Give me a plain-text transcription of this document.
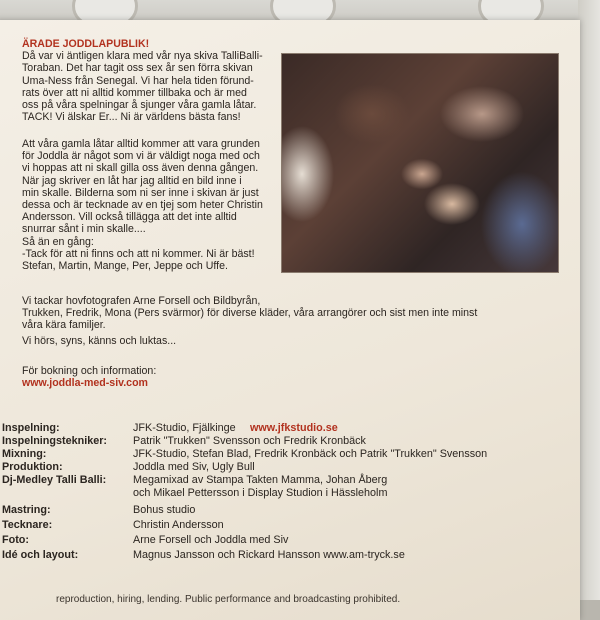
ÄRADE JODDLAPUBLIK!

Då var vi äntligen klara med vår nya skiva TalliBalli-
Toraban. Det har tagit oss sex år sen förra skivan
Uma-Ness från Senegal. Vi har hela tiden förund-
rats över att ni alltid kommer tillbaka och är med
oss på våra spelningar å sjunger våra gamla låtar.
TACK! Vi älskar Er... Ni är världens bästa fans!

Att våra gamla låtar alltid kommer att vara grunden
för Joddla är något som vi är väldigt noga med och
vi hoppas att ni skall gilla oss även denna gången.
När jag skriver en låt har jag alltid en bild inne i
min skalle. Bilderna som ni ser inne i skivan är just
dessa och är tecknade av en tjej som heter Christin
Andersson. Vill också tillägga att det inte alltid
snurrar sånt i min skalle....
Så än en gång:
-Tack för att ni finns och att ni kommer. Ni är bäst!
Stefan, Martin, Mange, Per, Jeppe och Uffe.

Vi tackar hovfotografen Arne Forsell och Bildbyrån,
Trukken, Fredrik, Mona (Pers svärmor) för diverse kläder, våra arrangörer och sist men inte minst våra kära familjer.

Vi hörs, syns, känns och luktas...

För bokning och information:

www.joddla-med-siv.com

Inspelning:	JFK-Studio, Fjälkinge www.jfkstudio.se
Inspelningstekniker: Patrik "Trukken" Svensson och Fredrik Kronbäck
Mixning:	JFK-Studio, Stefan Blad, Fredrik Kronbäck och Patrik "Trukken" Svensson
Produktion:	Joddla med Siv, Ugly Bull
Dj-Medley Talli Balli: Megamixad av Stampa Takten Mamma, Johan Åberg
och Mikael Pettersson i Display Studion i Hässleholm
Mastring:	Bohus studio
Tecknare:	Christin Andersson
Foto:	Arne Forsell och Joddla med Siv
Idé och layout:	Magnus Jansson och Rickard Hansson www.am-tryck.se
reproduction, hiring, lending. Public performance and broadcasting prohibited.
